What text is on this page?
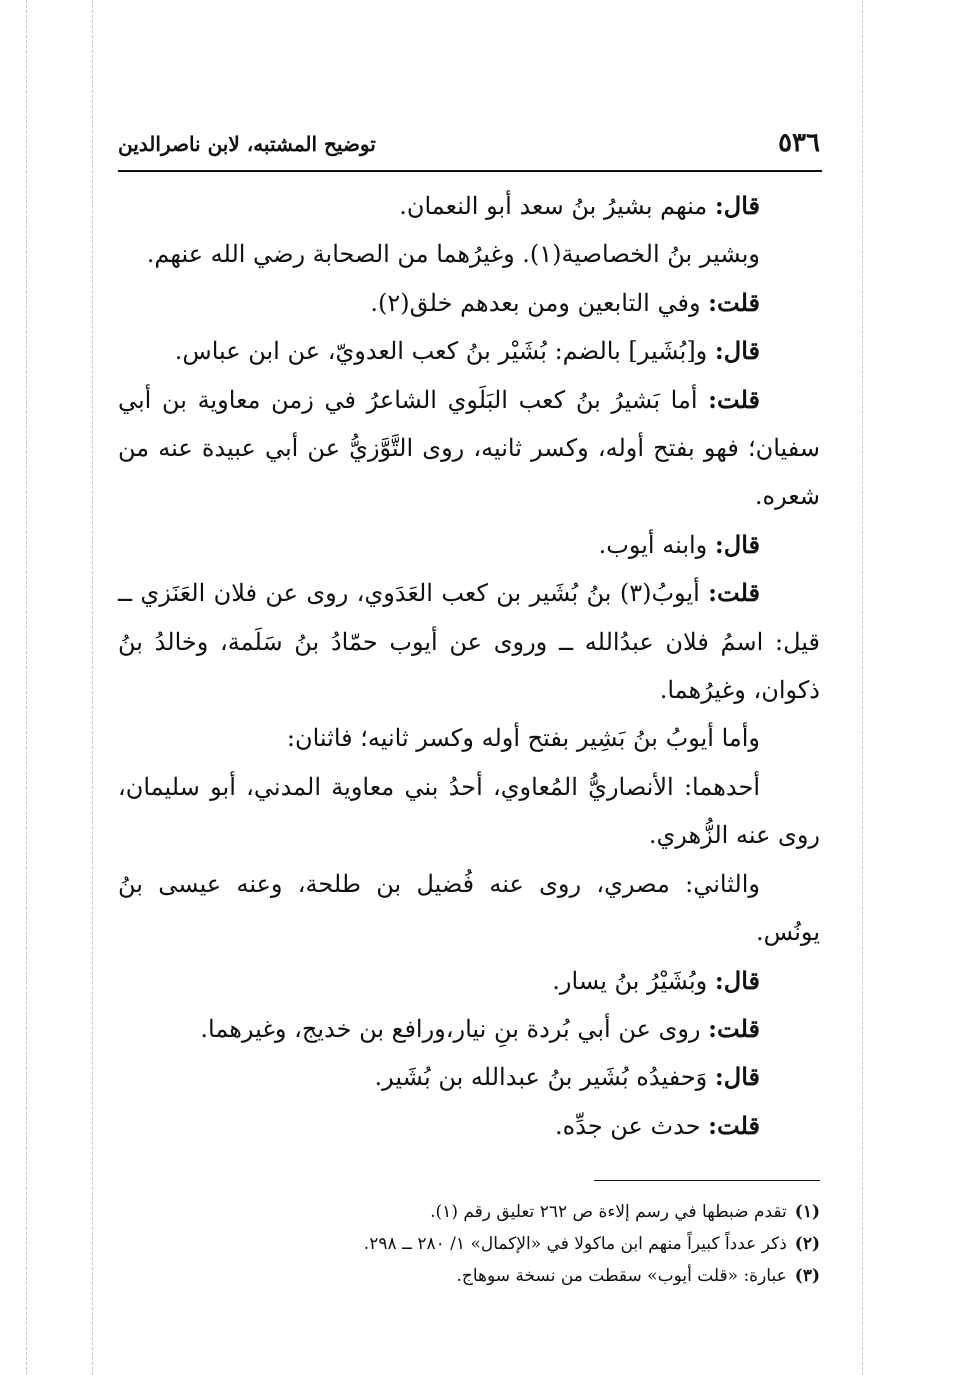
٥٣٦
توضيح المشتبه، لابن ناصرالدين

قال: منهم بشيرُ بنُ سعد أبو النعمان.

وبشير بنُ الخصاصية(١). وغيرُهما من الصحابة رضي الله عنهم.

قلت: وفي التابعين ومن بعدهم خلق(٢).

قال: و[بُشَير] بالضم: بُشَيْر بنُ كعب العدويّ، عن ابن عباس.

قلت: أما بَشيرُ بنُ كعب البَلَوي الشاعرُ في زمن معاوية بن أبي سفيان؛ فهو بفتح أوله، وكسر ثانيه، روى التَّوَّزيُّ عن أبي عبيدة عنه من شعره.

قال: وابنه أيوب.

قلت: أيوبُ(٣) بنُ بُشَير بن كعب العَدَوي، روى عن فلان العَنَزي ــ قيل: اسمُ فلان عبدُالله ــ وروى عن أيوب حمّادُ بنُ سَلَمة، وخالدُ بنُ ذكوان، وغيرُهما.

وأما أيوبُ بنُ بَشِير بفتح أوله وكسر ثانيه؛ فاثنان:

أحدهما: الأنصاريُّ المُعاوي، أحدُ بني معاوية المدني، أبو سليمان، روى عنه الزُّهري.

والثاني: مصري، روى عنه فُضيل بن طلحة، وعنه عيسى بنُ يونُس.

قال: وبُشَيْرُ بنُ يسار.

قلت: روى عن أبي بُردة بنِ نيار،ورافع بن خديج، وغيرهما.

قال: وَحفيدُه بُشَير بنُ عبدالله بن بُشَير.

قلت: حدث عن جدِّه.

(١)تقدم ضبطها في رسم إلاءة ص ٢٦٢ تعليق رقم (١).

(٢)ذكر عدداً كبيراً منهم ابن ماكولا في «الإكمال» ١/ ٢٨٠ ــ ٢٩٨.

(٣)عبارة: «قلت أيوب» سقطت من نسخة سوهاج.
